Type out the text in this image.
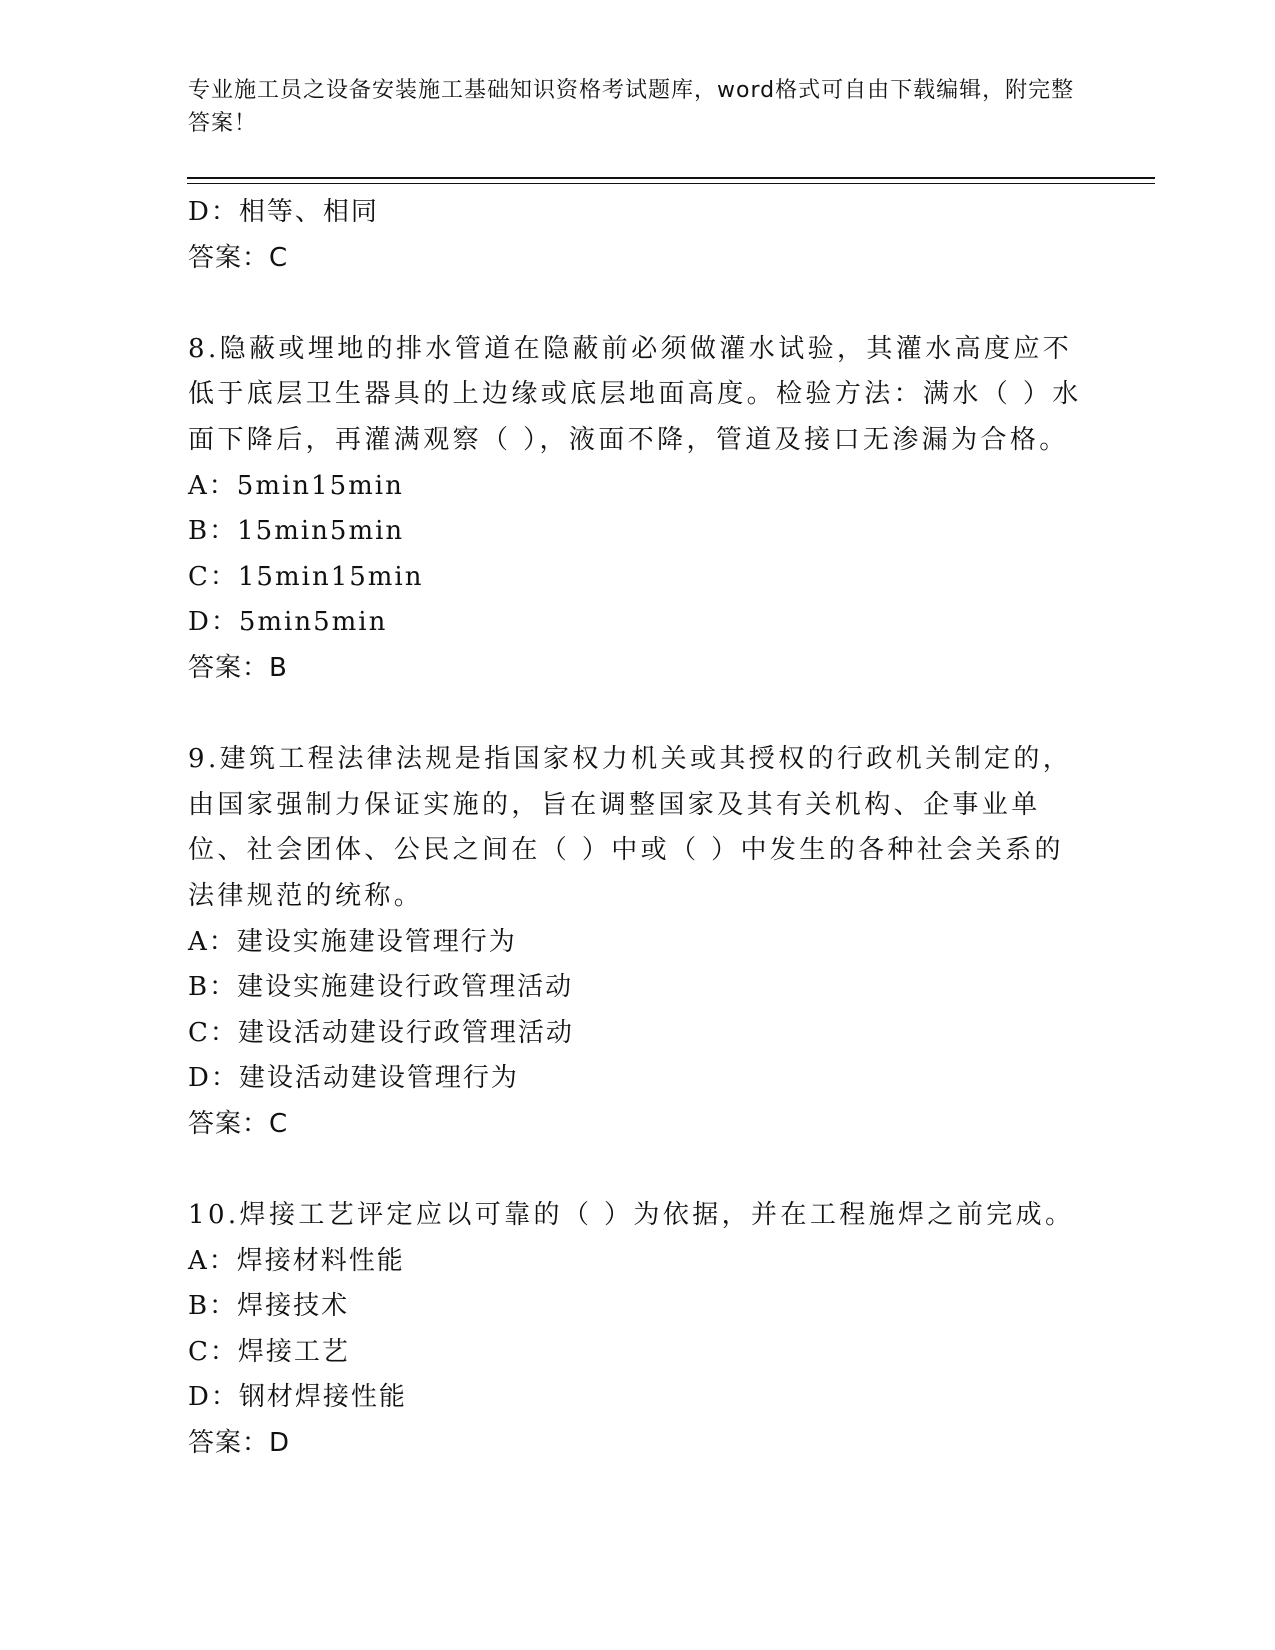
专业施工员之设备安装施工基础知识资格考试题库，word格式可自由下载编辑，附完整答案！
D：相等、相同
答案：C
8.隐蔽或埋地的排水管道在隐蔽前必须做灌水试验，其灌水高度应不低于底层卫生器具的上边缘或底层地面高度。检验方法：满水（ ）水面下降后，再灌满观察（ ），液面不降，管道及接口无渗漏为合格。
A：5min15min
B：15min5min
C：15min15min
D：5min5min
答案：B
9.建筑工程法律法规是指国家权力机关或其授权的行政机关制定的，由国家强制力保证实施的，旨在调整国家及其有关机构、企事业单位、社会团体、公民之间在（ ）中或（ ）中发生的各种社会关系的法律规范的统称。
A：建设实施建设管理行为
B：建设实施建设行政管理活动
C：建设活动建设行政管理活动
D：建设活动建设管理行为
答案：C
10.焊接工艺评定应以可靠的（ ）为依据，并在工程施焊之前完成。
A：焊接材料性能
B：焊接技术
C：焊接工艺
D：钢材焊接性能
答案：D
